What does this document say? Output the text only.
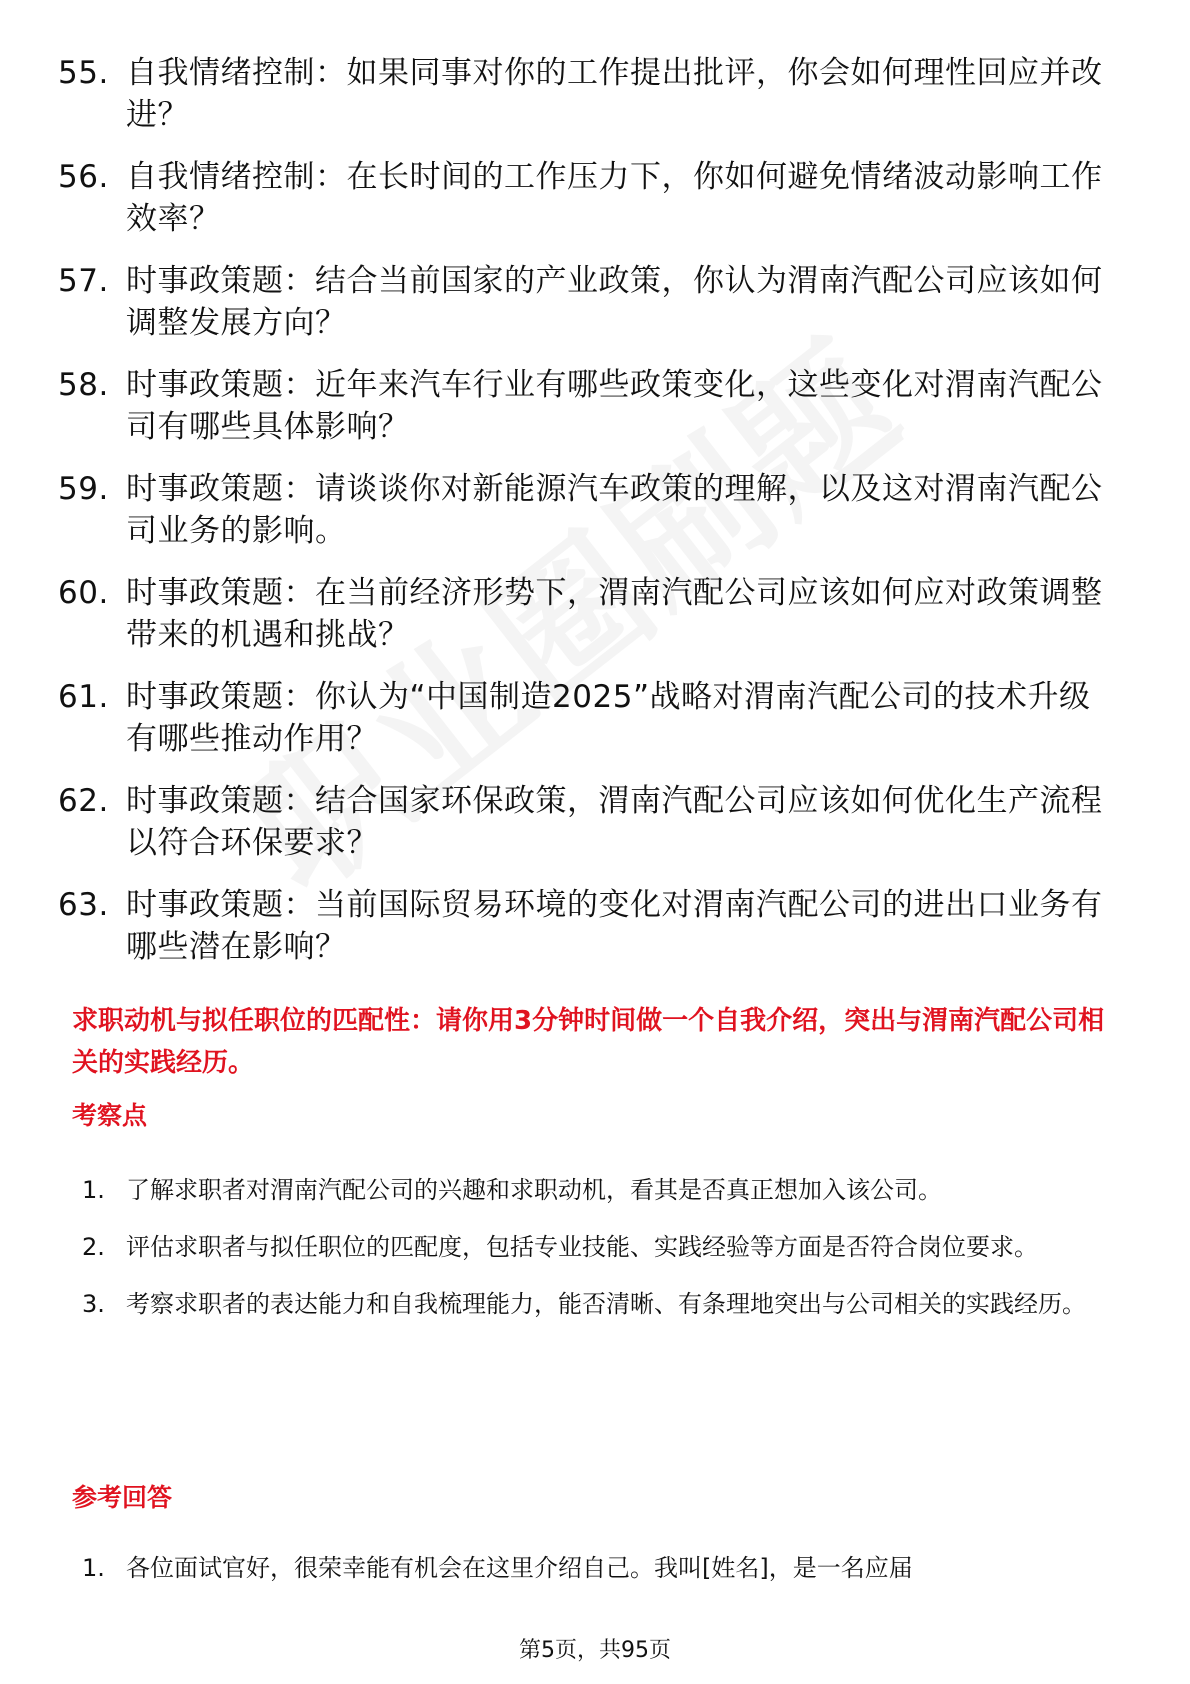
55. 自我情绪控制：如果同事对你的工作提出批评，你会如何理性回应并改进？
56. 自我情绪控制：在长时间的工作压力下，你如何避免情绪波动影响工作效率？
57. 时事政策题：结合当前国家的产业政策，你认为渭南汽配公司应该如何调整发展方向？
58. 时事政策题：近年来汽车行业有哪些政策变化，这些变化对渭南汽配公司有哪些具体影响？
59. 时事政策题：请谈谈你对新能源汽车政策的理解，以及这对渭南汽配公司业务的影响。
60. 时事政策题：在当前经济形势下，渭南汽配公司应该如何应对政策调整带来的机遇和挑战？
61. 时事政策题：你认为“中国制造2025”战略对渭南汽配公司的技术升级有哪些推动作用？
62. 时事政策题：结合国家环保政策，渭南汽配公司应该如何优化生产流程以符合环保要求？
63. 时事政策题：当前国际贸易环境的变化对渭南汽配公司的进出口业务有哪些潜在影响？
求职动机与拟任职位的匹配性：请你用3分钟时间做一个自我介绍，突出与渭南汽配公司相关的实践经历。
考察点
1. 了解求职者对渭南汽配公司的兴趣和求职动机，看其是否真正想加入该公司。
2. 评估求职者与拟任职位的匹配度，包括专业技能、实践经验等方面是否符合岗位要求。
3. 考察求职者的表达能力和自我梳理能力，能否清晰、有条理地突出与公司相关的实践经历。
参考回答
1. 各位面试官好，很荣幸能有机会在这里介绍自己。我叫[姓名]，是一名应届
第5页，共95页
